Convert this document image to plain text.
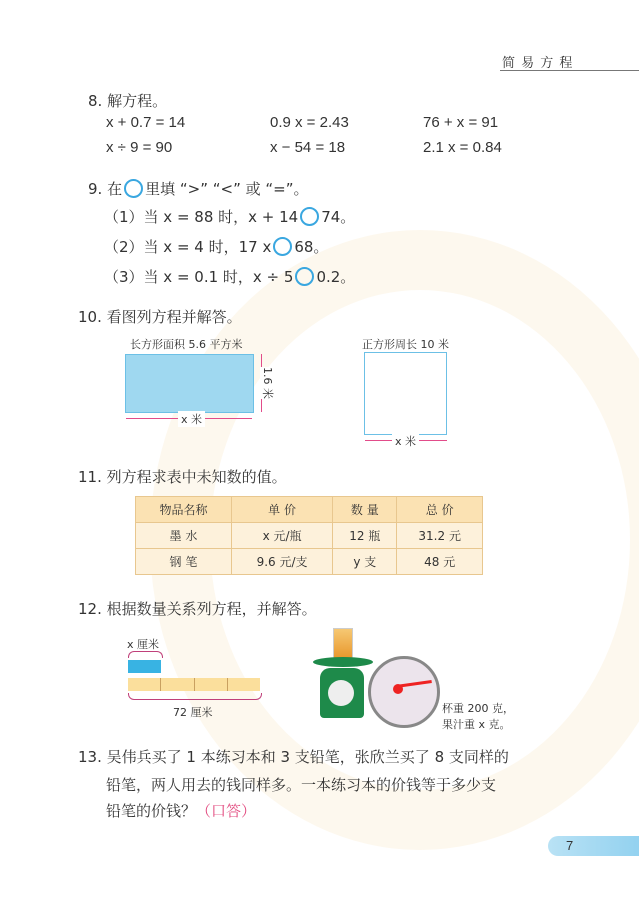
简 易 方 程
8. 解方程。
x + 0.7 = 14	0.9 x = 2.43	76 + x = 91
x ÷ 9 = 90	x − 54 = 18	2.1 x = 0.84
9. 在 里填 “>” “<” 或 “=”。
（1）当 x = 88 时，x + 14 74。
（2）当 x = 4 时，17 x 68。
（3）当 x = 0.1 时，x ÷ 5 0.2。
10. 看图列方程并解答。
长方形面积 5.6 平方米
1.6 米
x 米
正方形周长 10 米
x 米
11. 列方程求表中未知数的值。
物品名称	单 价	数 量	总 价
墨 水	x 元/瓶	12 瓶	31.2 元
钢 笔	9.6 元/支	y 支	48 元
12. 根据数量关系列方程，并解答。
x 厘米
72 厘米	杯重 200 克，
果汁重 x 克。
13. 吴伟兵买了 1 本练习本和 3 支铅笔，张欣兰买了 8 支同样的
铅笔，两人用去的钱同样多。一本练习本的价钱等于多少支
铅笔的价钱？（口答）
7
